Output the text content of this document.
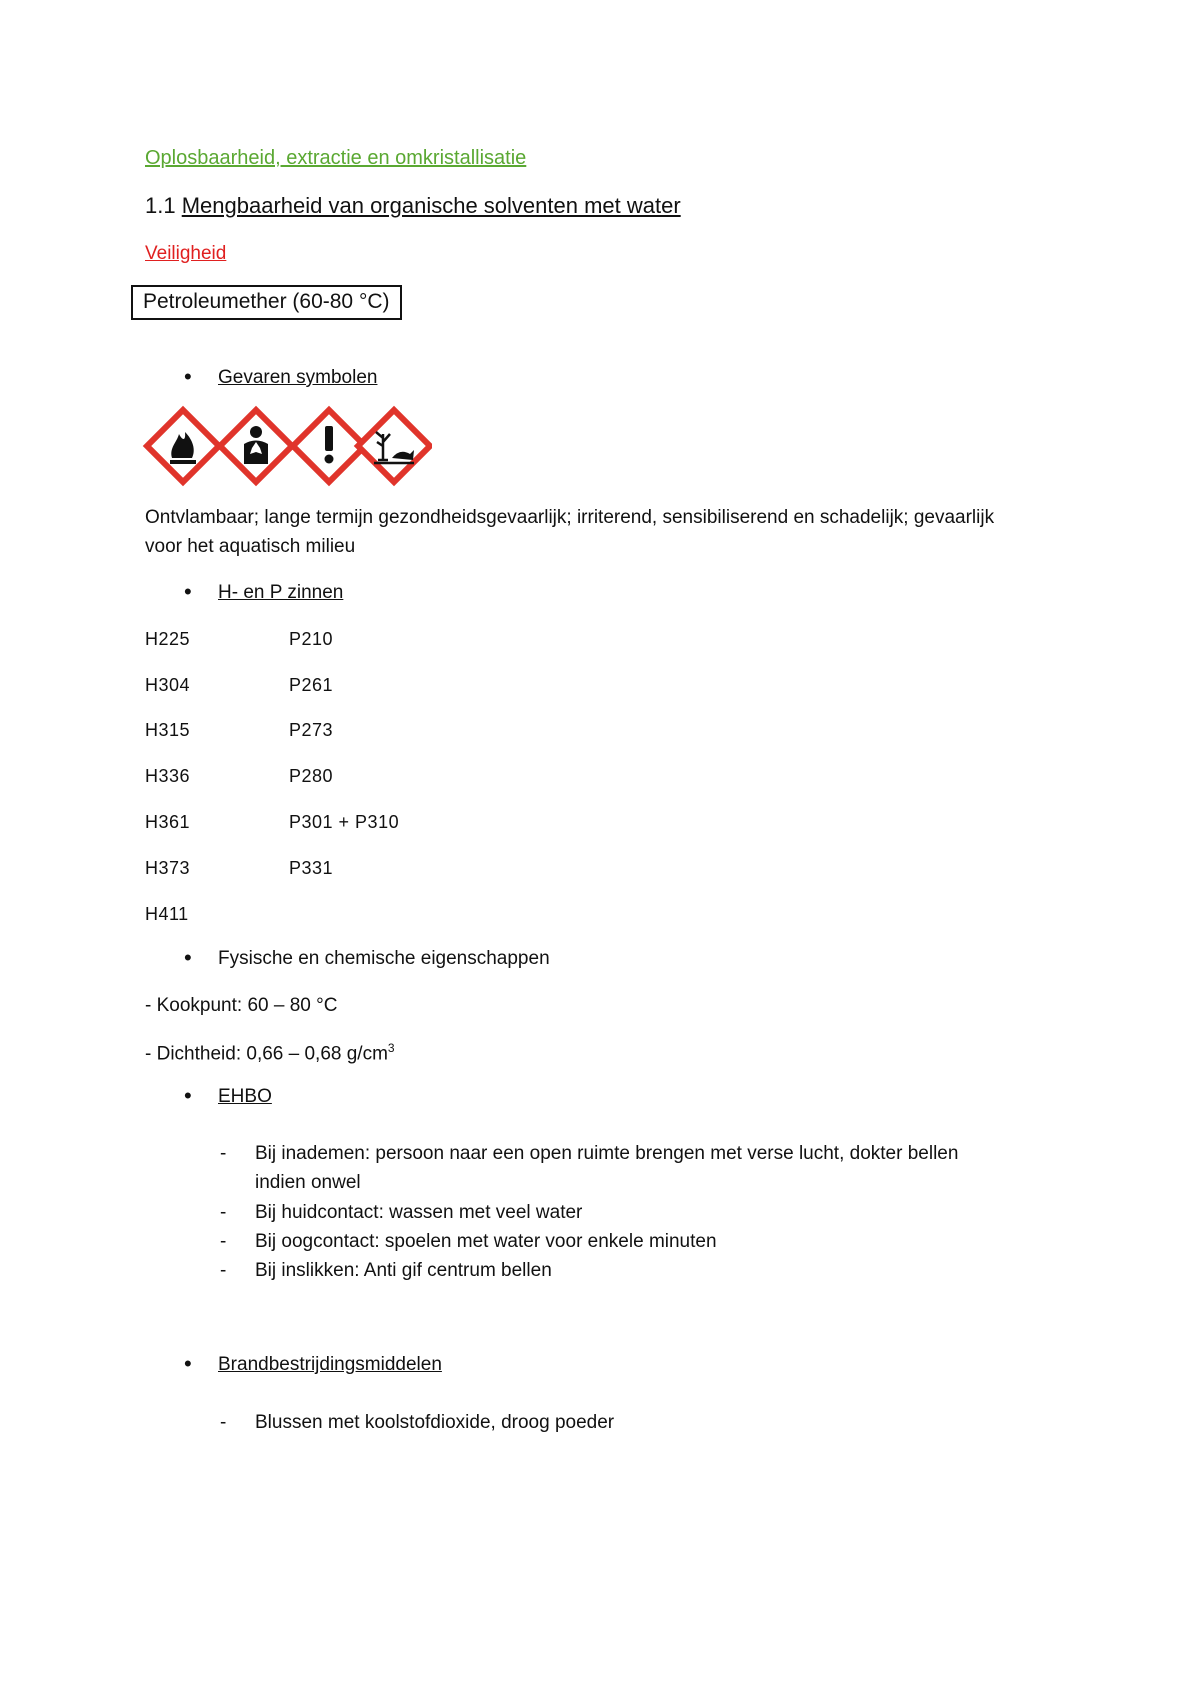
Oplosbaarheid, extractie en omkristallisatie
1.1 Mengbaarheid van organische solventen met water
Veiligheid
Petroleumether (60-80 °C)
• Gevaren symbolen
Ontvlambaar; lange termijn gezondheidsgevaarlijk; irriterend, sensibiliserend en schadelijk; gevaarlijk
voor het aquatisch milieu
• H- en P zinnen
H225	P210
H304	P261
H315	P273
H336	P280
H361	P301 + P310
H373	P331
H411
• Fysische en chemische eigenschappen
- Kookpunt: 60 – 80 °C
- Dichtheid: 0,66 – 0,68 $g/cm^3$
• EHBO
- Bij inademen: persoon naar een open ruimte brengen met verse lucht, dokter bellen
indien onwel
- Bij huidcontact: wassen met veel water
- Bij oogcontact: spoelen met water voor enkele minuten
- Bij inslikken: Anti gif centrum bellen
• Brandbestrijdingsmiddelen
- Blussen met koolstofdioxide, droog poeder
